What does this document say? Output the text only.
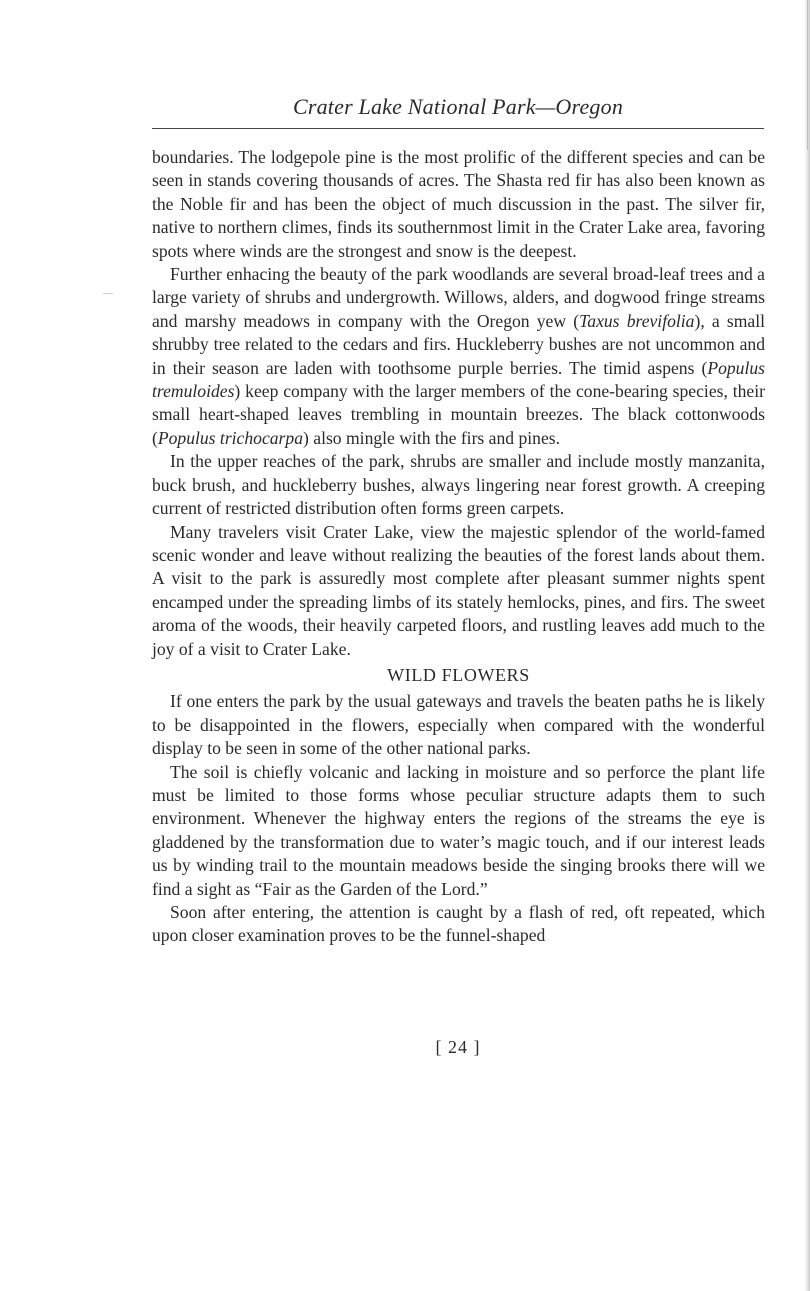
Crater Lake National Park—Oregon

boundaries. The lodgepole pine is the most prolific of the different species and can be seen in stands covering thousands of acres. The Shasta red fir has also been known as the Noble fir and has been the object of much discussion in the past. The silver fir, native to northern climes, finds its southernmost limit in the Crater Lake area, favoring spots where winds are the strongest and snow is the deepest.

Further enhacing the beauty of the park woodlands are several broad-leaf trees and a large variety of shrubs and undergrowth. Willows, alders, and dogwood fringe streams and marshy meadows in company with the Oregon yew (Taxus brevifolia), a small shrubby tree related to the cedars and firs. Huckleberry bushes are not uncommon and in their season are laden with toothsome purple berries. The timid aspens (Populus tremuloides) keep company with the larger members of the cone-bearing species, their small heart-shaped leaves trembling in mountain breezes. The black cottonwoods (Populus trichocarpa) also mingle with the firs and pines.

In the upper reaches of the park, shrubs are smaller and include mostly manzanita, buck brush, and huckleberry bushes, always lingering near forest growth. A creeping current of restricted distribution often forms green carpets.

Many travelers visit Crater Lake, view the majestic splendor of the world-famed scenic wonder and leave without realizing the beauties of the forest lands about them. A visit to the park is assuredly most complete after pleasant summer nights spent encamped under the spreading limbs of its stately hemlocks, pines, and firs. The sweet aroma of the woods, their heavily carpeted floors, and rustling leaves add much to the joy of a visit to Crater Lake.

WILD FLOWERS

If one enters the park by the usual gateways and travels the beaten paths he is likely to be disappointed in the flowers, especially when compared with the wonderful display to be seen in some of the other national parks.

The soil is chiefly volcanic and lacking in moisture and so perforce the plant life must be limited to those forms whose peculiar structure adapts them to such environment. Whenever the highway enters the regions of the streams the eye is gladdened by the transformation due to water’s magic touch, and if our interest leads us by winding trail to the mountain meadows beside the singing brooks there will we find a sight as “Fair as the Garden of the Lord.”

Soon after entering, the attention is caught by a flash of red, oft repeated, which upon closer examination proves to be the funnel-shaped

[ 24 ]
